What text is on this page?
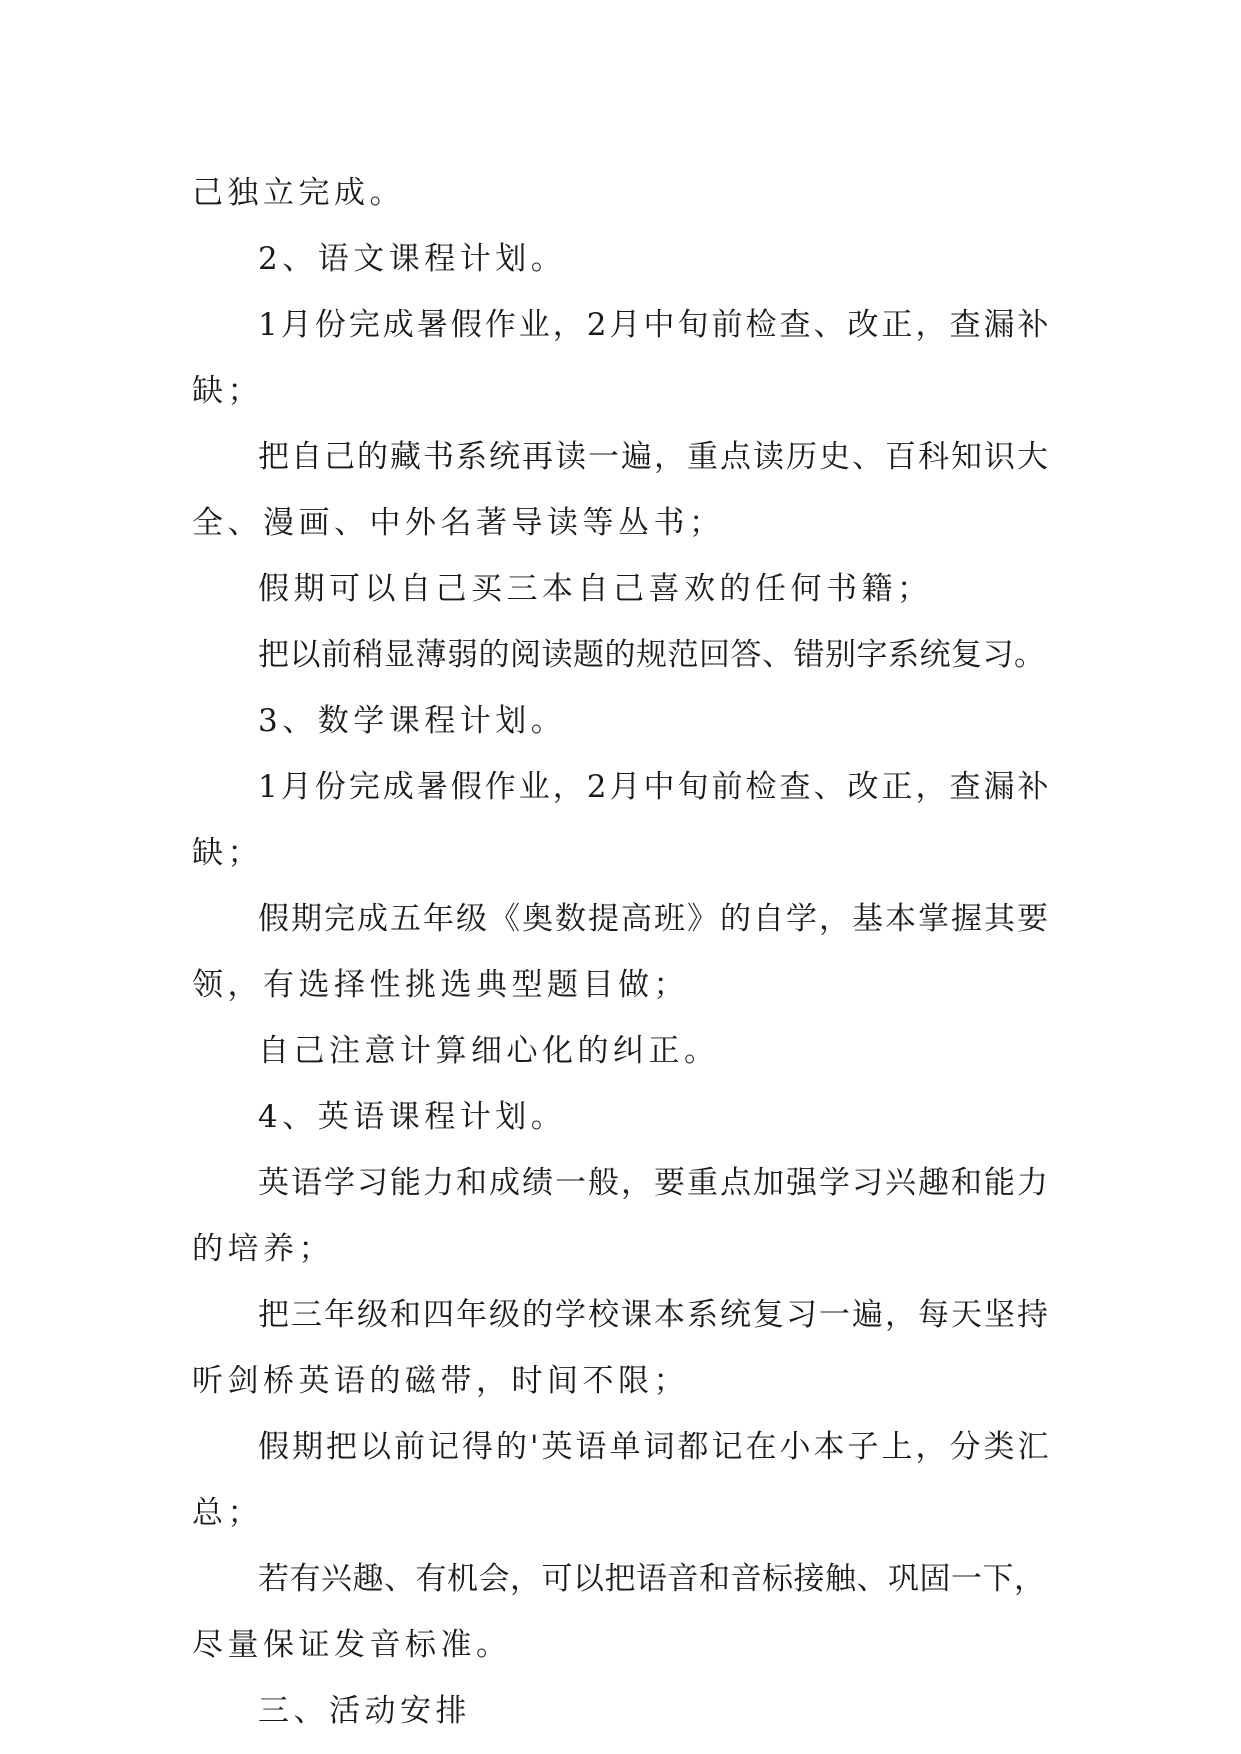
己独立完成。
2、语文课程计划。
1月份完成暑假作业，2月中旬前检查、改正，查漏补
缺；
把自己的藏书系统再读一遍，重点读历史、百科知识大
全、漫画、中外名著导读等丛书；
假期可以自己买三本自己喜欢的任何书籍；
把以前稍显薄弱的阅读题的规范回答、错别字系统复习。
3、数学课程计划。
1月份完成暑假作业，2月中旬前检查、改正，查漏补
缺；
假期完成五年级《奥数提高班》的自学，基本掌握其要
领，有选择性挑选典型题目做；
自己注意计算细心化的纠正。
4、英语课程计划。
英语学习能力和成绩一般，要重点加强学习兴趣和能力
的培养；
把三年级和四年级的学校课本系统复习一遍，每天坚持
听剑桥英语的磁带，时间不限；
假期把以前记得的'英语单词都记在小本子上，分类汇
总；
若有兴趣、有机会，可以把语音和音标接触、巩固一下，
尽量保证发音标准。
三、活动安排
